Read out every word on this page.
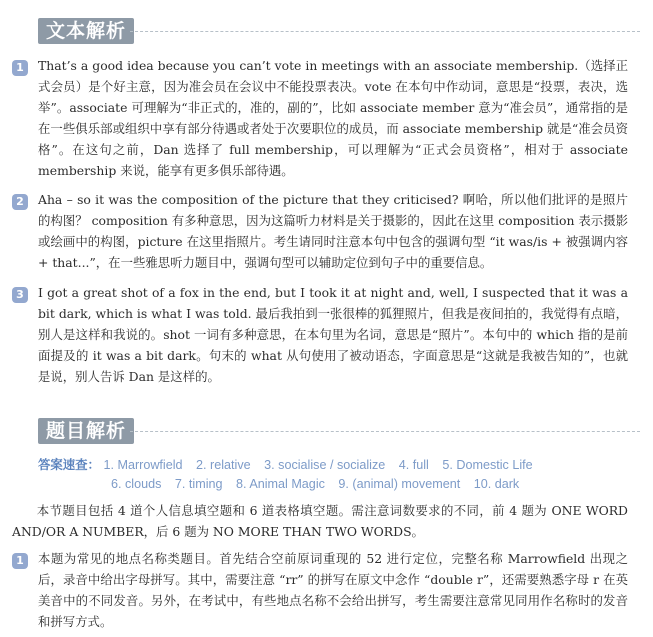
文本解析
1	That’s a good idea because you can’t vote in meetings with an associate membership.（选择正式会员）是个好主意，因为准会员在会议中不能投票表决。vote 在本句中作动词，意思是“投票，表决，选举”。associate 可理解为“非正式的，准的，副的”，比如 associate member 意为“准会员”，通常指的是在一些俱乐部或组织中享有部分待遇或者处于次要职位的成员，而 associate membership 就是“准会员资格”。在这句之前，Dan 选择了 full membership，可以理解为“正式会员资格”，相对于 associate membership 来说，能享有更多俱乐部待遇。
2	Aha – so it was the composition of the picture that they criticised? 啊哈，所以他们批评的是照片的构图？ composition 有多种意思，因为这篇听力材料是关于摄影的，因此在这里 composition 表示摄影或绘画中的构图，picture 在这里指照片。考生请同时注意本句中包含的强调句型 “it was/is + 被强调内容 + that...”，在一些雅思听力题目中，强调句型可以辅助定位到句子中的重要信息。
3	I got a great shot of a fox in the end, but I took it at night and, well, I suspected that it was a bit dark, which is what I was told. 最后我拍到一张很棒的狐狸照片，但我是夜间拍的，我觉得有点暗，别人是这样和我说的。shot 一词有多种意思，在本句里为名词，意思是“照片”。本句中的 which 指的是前面提及的 it was a bit dark。句末的 what 从句使用了被动语态，字面意思是“这就是我被告知的”，也就是说，别人告诉 Dan 是这样的。
题目解析
答案速查： 1. Marrowfield 2. relative 3. socialise / socialize 4. full 5. Domestic Life
6. clouds 7. timing 8. Animal Magic 9. (animal) movement 10. dark
本节题目包括 4 道个人信息填空题和 6 道表格填空题。需注意词数要求的不同，前 4 题为 ONE WORD AND/OR A NUMBER，后 6 题为 NO MORE THAN TWO WORDS。
1	本题为常见的地点名称类题目。首先结合空前原词重现的 52 进行定位，完整名称 Marrowfield 出现之后，录音中给出字母拼写。其中，需要注意 “rr” 的拼写在原文中念作 “double r”，还需要熟悉字母 r 在英美音中的不同发音。另外，在考试中，有些地点名称不会给出拼写，考生需要注意常见同用作名称时的发音和拼写方式。
